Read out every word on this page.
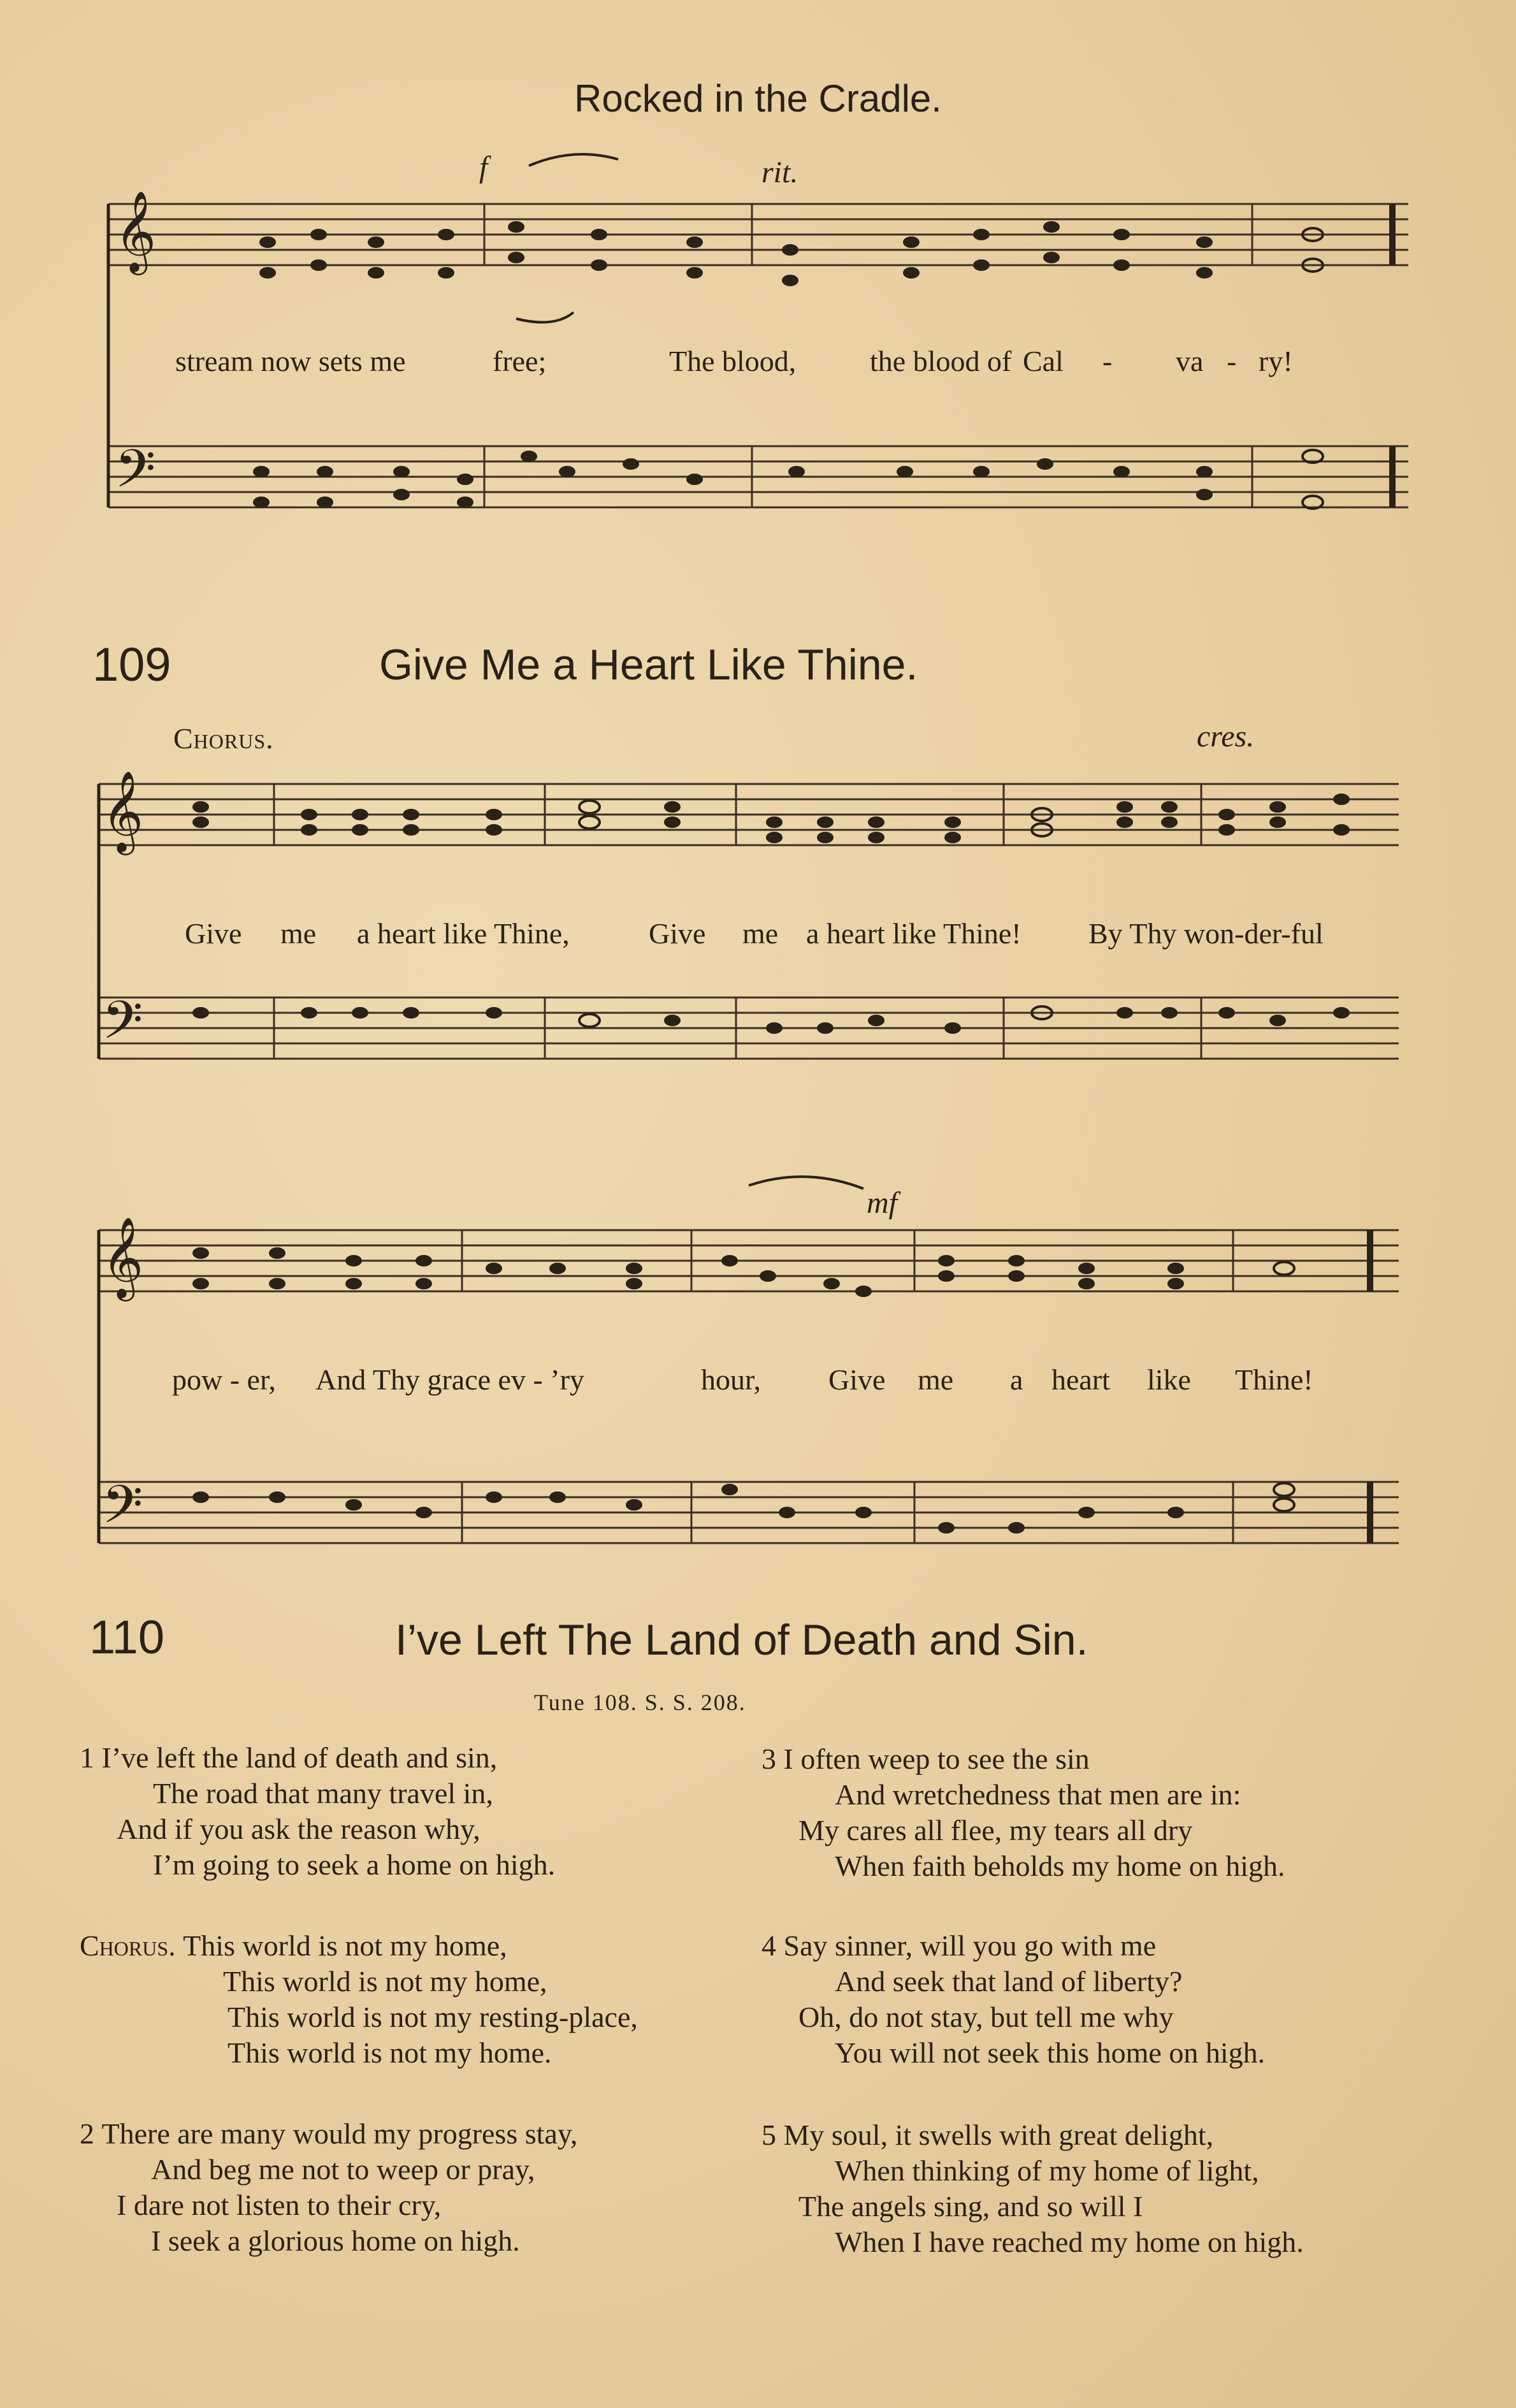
Rocked in the Cradle.
𝄞
𝄢
𝄞
𝄢
𝄞
𝄢
f	rit.
stream now sets me	free;	The blood,	the blood of Cal - va - ry!
109	Give Me a Heart Like Thine.
Chorus.	cres.
mf
Give me a heart like Thine,	Give me a heart like Thine! By Thy won-der-ful
pow - er, And Thy grace ev - ’ry	hour, Give me a heart like Thine!
110	I’ve Left The Land of Death and Sin.
Tune 108. S. S. 208.
1 I’ve left the land of death and sin,
The road that many travel in,
And if you ask the reason why,
I’m going to seek a home on high.
Chorus. This world is not my home,
This world is not my home,
This world is not my resting-place,
This world is not my home.
2 There are many would my progress stay,
And beg me not to weep or pray,
I dare not listen to their cry,
I seek a glorious home on high.
3 I often weep to see the sin
And wretchedness that men are in:
My cares all flee, my tears all dry
When faith beholds my home on high.
4 Say sinner, will you go with me
And seek that land of liberty?
Oh, do not stay, but tell me why
You will not seek this home on high.
5 My soul, it swells with great delight,
When thinking of my home of light,
The angels sing, and so will I
When I have reached my home on high.
